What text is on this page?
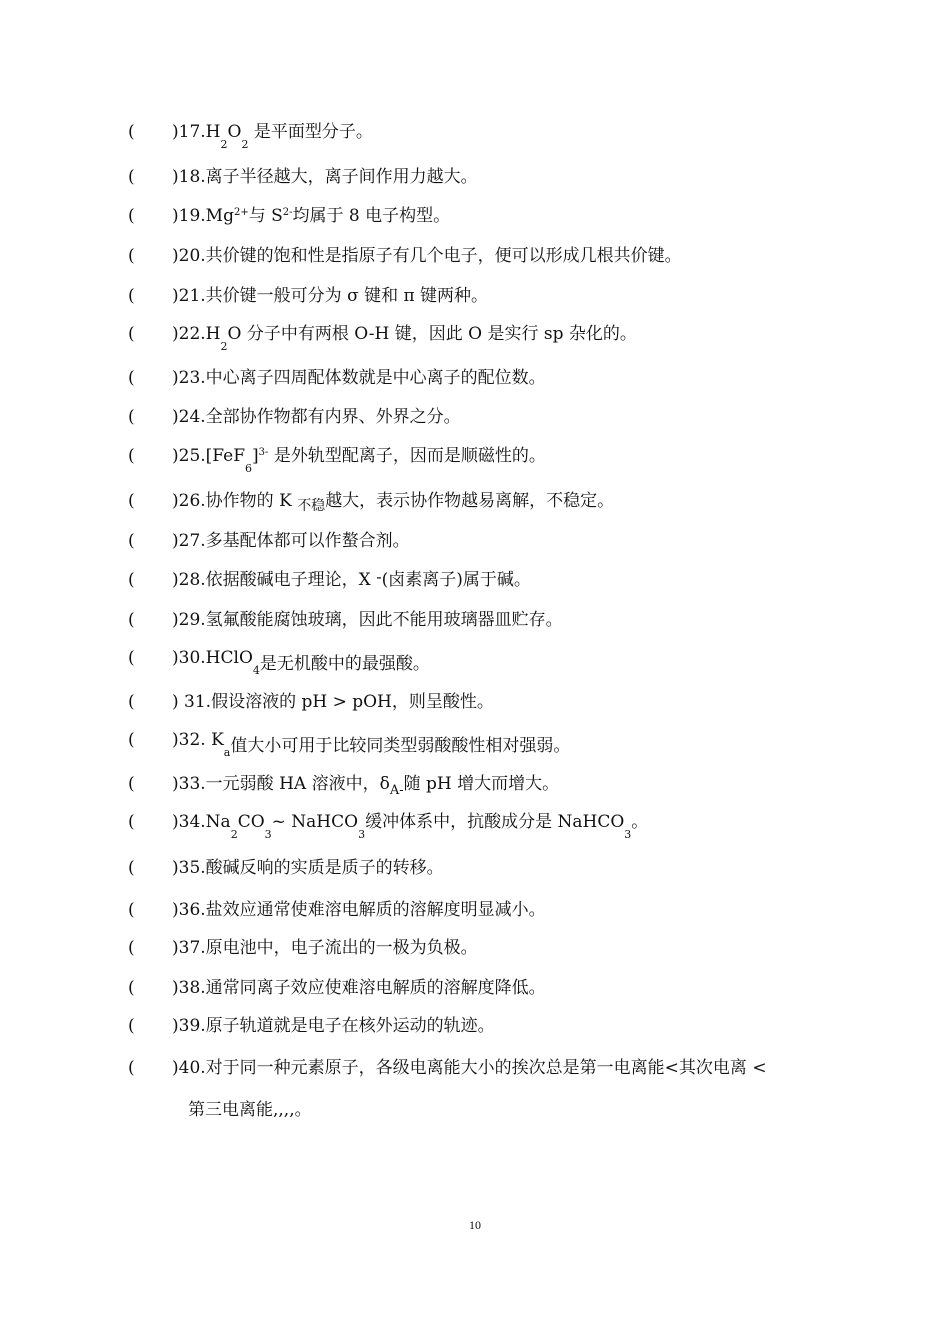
( )$17.H_2O_2$ 是平面型分子。
( )18.离子半径越大，离子间作用力越大。
( )$19.Mg^{2+}$与 $S^{2-}$均属于 8 电子构型。
( )20.共价键的饱和性是指原子有几个电子，便可以形成几根共价键。
( )21.共价键一般可分为 σ 键和 π 键两种。
( )$22.H_2O$ 分子中有两根 O-H 键，因此 O 是实行 sp 杂化的。
( )23.中心离子四周配体数就是中心离子的配位数。
( )24.全部协作物都有内界、外界之分。
( )$25.[FeF_6]^{3-}$ 是外轨型配离子，因而是顺磁性的。
( )26.协作物的 K $_{不稳}$越大，表示协作物越易离解，不稳定。
( )27.多基配体都可以作螯合剂。
( )28.依据酸碱电子理论，X -(卤素离子)属于碱。
( )29.氢氟酸能腐蚀玻璃，因此不能用玻璃器皿贮存。
( )30.HClO$_4$是无机酸中的最强酸。
( ) 31.假设溶液的 pH > pOH，则呈酸性。
( )32. $K_a$值大小可用于比较同类型弱酸酸性相对强弱。
( )33.一元弱酸 HA 溶液中，$\delta_{A-}$随 pH 增大而增大。
( )$34.Na_2CO_3\sim$ NaHCO$_3$缓冲体系中，抗酸成分是 NaHCO$_3$。
( )35.酸碱反响的实质是质子的转移。
( )36.盐效应通常使难溶电解质的溶解度明显减小。
( )37.原电池中，电子流出的一极为负极。
( )38.通常同离子效应使难溶电解质的溶解度降低。
( )39.原子轨道就是电子在核外运动的轨迹。
( )40.对于同一种元素原子，各级电离能大小的挨次总是第一电离能<其次电离 <
第三电离能,,,,。
10
